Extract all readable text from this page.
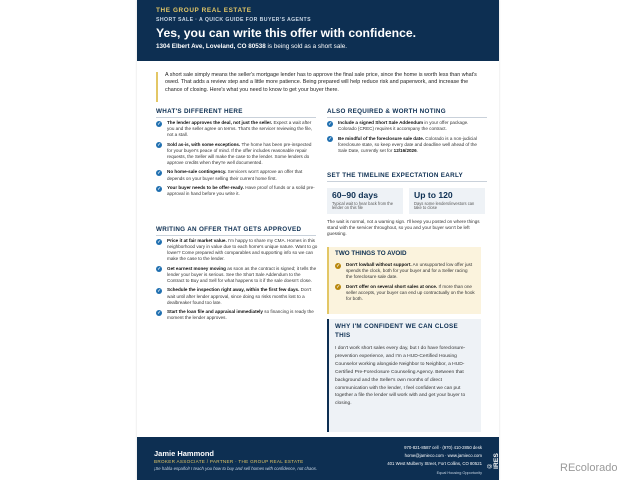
THE GROUP REAL ESTATE
SHORT SALE · A QUICK GUIDE FOR BUYER'S AGENTS
Yes, you can write this offer with confidence.
1304 Elbert Ave, Loveland, CO 80538 is being sold as a short sale.
A short sale simply means the seller's mortgage lender has to approve the final sale price, since the home is worth less than what's owed. That adds a review step and a little more patience. Being prepared will help reduce risk and paperwork, and increase the chance of closing. Here's what you need to know to get your buyer there.
WHAT'S DIFFERENT HERE
✓ The lender approves the deal, not just the seller. Expect a wait after you and the seller agree on terms. That's the servicer reviewing the file, not a stall.
✓ Sold as-is, with some exceptions. The home has been pre-inspected for your buyer's peace of mind. If the offer includes reasonable repair requests, the Seller will make the case to the lender. Some lenders do approve credits when they're well documented.
✓ No home-sale contingency. Servicers won't approve an offer that depends on your buyer selling their current home first.
✓ Your buyer needs to be offer-ready. Have proof of funds or a solid pre-approval in hand before you write it.
WRITING AN OFFER THAT GETS APPROVED
✓ Price it at fair market value. I'm happy to share my CMA. Homes in this neighborhood vary in value due to each home's unique nature. Want to go lower? Come prepared with comparables and supporting info so we can make the case to the lender.
✓ Get earnest money moving as soon as the contract is signed; it tells the lender your buyer is serious. See the Short Sale Addendum to the Contract to Buy and Sell for what happens to it if the sale doesn't close.
✓ Schedule the inspection right away, within the first few days. Don't wait until after lender approval, since doing so risks months lost to a dealbreaker found too late.
✓ Start the loan file and appraisal immediately so financing is ready the moment the lender approves.
ALSO REQUIRED & WORTH NOTING
✓ Include a signed Short Sale Addendum in your offer package. Colorado (CREC) requires it accompany the contract.
✓ Be mindful of the foreclosure sale date. Colorado is a non-judicial foreclosure state, so keep every date and deadline well ahead of the Sale Date, currently set for 12/16/2026.
SET THE TIMELINE EXPECTATION EARLY
60–90 days
Typical wait to hear back from the lender on this file
Up to 120
Days some lenders/investors can take to close
The wait is normal, not a warning sign. I'll keep you posted on where things stand with the servicer throughout, so you and your buyer won't be left guessing.
TWO THINGS TO AVOID
✓ Don't lowball without support. An unsupported low offer just spends the clock, both for your buyer and for a Seller racing the foreclosure sale date.
✓ Don't offer on several short sales at once. If more than one seller accepts, your buyer can end up contractually on the hook for both.
WHY I'M CONFIDENT WE CAN CLOSE THIS
I don't work short sales every day, but I do have foreclosure-prevention experience, and I'm a HUD-Certified Housing Counselor working alongside Neighbor to Neighbor, a HUD-Certified Pre-Foreclosure Counseling Agency. Between that background and the Seller's own months of direct communication with the lender, I feel confident we can put together a file the lender will work with and get your buyer to closing.
Jamie Hammond
BROKER ASSOCIATE / PARTNER · THE GROUP REAL ESTATE
¡Se habla español! I teach you how to buy and sell homes with confidence, not chaos.
970-821-8587 cell · (970) 410-2850 desk
home@jamieco.com · www.jamieco.com
401 West Mulberry Street, Fort Collins, CO 80521
Equal Housing Opportunity
© IRES	REcolorado
